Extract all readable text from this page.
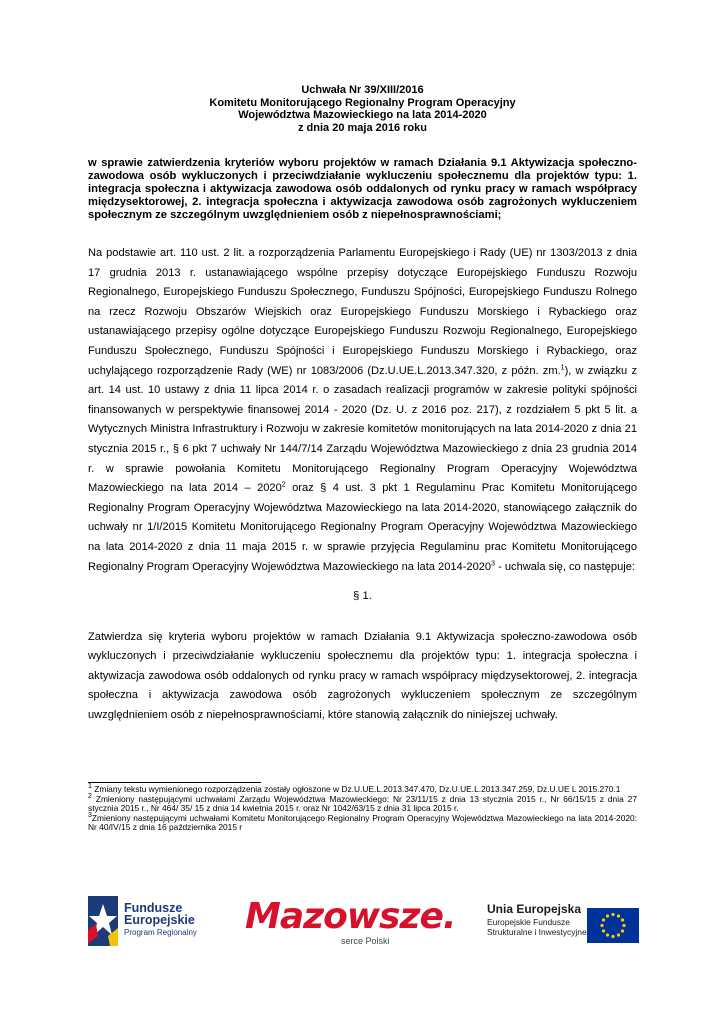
Uchwała Nr 39/XIII/2016
Komitetu Monitorującego Regionalny Program Operacyjny
Województwa Mazowieckiego na lata 2014-2020
z dnia 20 maja 2016 roku
w sprawie zatwierdzenia kryteriów wyboru projektów w ramach Działania 9.1 Aktywizacja społeczno-zawodowa osób wykluczonych i przeciwdziałanie wykluczeniu społecznemu dla projektów typu: 1. integracja społeczna i aktywizacja zawodowa osób oddalonych od rynku pracy w ramach współpracy międzysektorowej, 2. integracja społeczna i aktywizacja zawodowa osób zagrożonych wykluczeniem społecznym ze szczególnym uwzględnieniem osób z niepełnosprawnościami;
Na podstawie art. 110 ust. 2 lit. a rozporządzenia Parlamentu Europejskiego i Rady (UE) nr 1303/2013 z dnia 17 grudnia 2013 r. ustanawiającego wspólne przepisy dotyczące Europejskiego Funduszu Rozwoju Regionalnego, Europejskiego Funduszu Społecznego, Funduszu Spójności, Europejskiego Funduszu Rolnego na rzecz Rozwoju Obszarów Wiejskich oraz Europejskiego Funduszu Morskiego i Rybackiego oraz ustanawiającego przepisy ogólne dotyczące Europejskiego Funduszu Rozwoju Regionalnego, Europejskiego Funduszu Społecznego, Funduszu Spójności i Europejskiego Funduszu Morskiego i Rybackiego, oraz uchylającego rozporządzenie Rady (WE) nr 1083/2006 (Dz.U.UE.L.2013.347.320, z późn. zm.$^1$), w związku z art. 14 ust. 10 ustawy z dnia 11 lipca 2014 r. o zasadach realizacji programów w zakresie polityki spójności finansowanych w perspektywie finansowej 2014 - 2020 (Dz. U. z 2016 poz. 217), z rozdziałem 5 pkt 5 lit. a Wytycznych Ministra Infrastruktury i Rozwoju w zakresie komitetów monitorujących na lata 2014-2020 z dnia 21 stycznia 2015 r., § 6 pkt 7 uchwały Nr 144/7/14 Zarządu Województwa Mazowieckiego z dnia 23 grudnia 2014 r. w sprawie powołania Komitetu Monitorującego Regionalny Program Operacyjny Województwa Mazowieckiego na lata 2014 – 2020$^2$ oraz § 4 ust. 3 pkt 1 Regulaminu Prac Komitetu Monitorującego Regionalny Program Operacyjny Województwa Mazowieckiego na lata 2014-2020, stanowiącego załącznik do uchwały nr 1/I/2015 Komitetu Monitorującego Regionalny Program Operacyjny Województwa Mazowieckiego na lata 2014-2020 z dnia 11 maja 2015 r. w sprawie przyjęcia Regulaminu prac Komitetu Monitorującego Regionalny Program Operacyjny Województwa Mazowieckiego na lata 2014-2020$^3$ - uchwala się, co następuje:
§ 1.
Zatwierdza się kryteria wyboru projektów w ramach Działania 9.1 Aktywizacja społeczno-zawodowa osób wykluczonych i przeciwdziałanie wykluczeniu społecznemu dla projektów typu: 1. integracja społeczna i aktywizacja zawodowa osób oddalonych od rynku pracy w ramach współpracy międzysektorowej, 2. integracja społeczna i aktywizacja zawodowa osób zagrożonych wykluczeniem społecznym ze szczególnym uwzględnieniem osób z niepełnosprawnościami, które stanowią załącznik do niniejszej uchwały.
$^1$ Zmiany tekstu wymienionego rozporządzenia zostały ogłoszone w Dz.U.UE.L.2013.347.470, Dz.U.UE.L.2013.347.259, Dz.U.UE L 2015.270.1
$^2$ Zmieniony następującymi uchwałami Zarządu Województwa Mazowieckiego: Nr 23/11/15 z dnia 13 stycznia 2015 r., Nr 66/15/15 z dnia 27 stycznia 2015 r., Nr 464/ 35/ 15 z dnia 14 kwietnia 2015 r. oraz Nr 1042/63/15 z dnia 31 lipca 2015 r.
$^3$Zmieniony następującymi uchwałami Komitetu Monitorującego Regionalny Program Operacyjny Województwa Mazowieckiego na lata 2014-2020: Nr 40/IV/15 z dnia 16 października 2015 r
Fundusze
Europejskie
Program Regionalny Mazowsze.
serce Polski
Unia Europejska
Europejskie Fundusze
Strukturalne i Inwestycyjne
